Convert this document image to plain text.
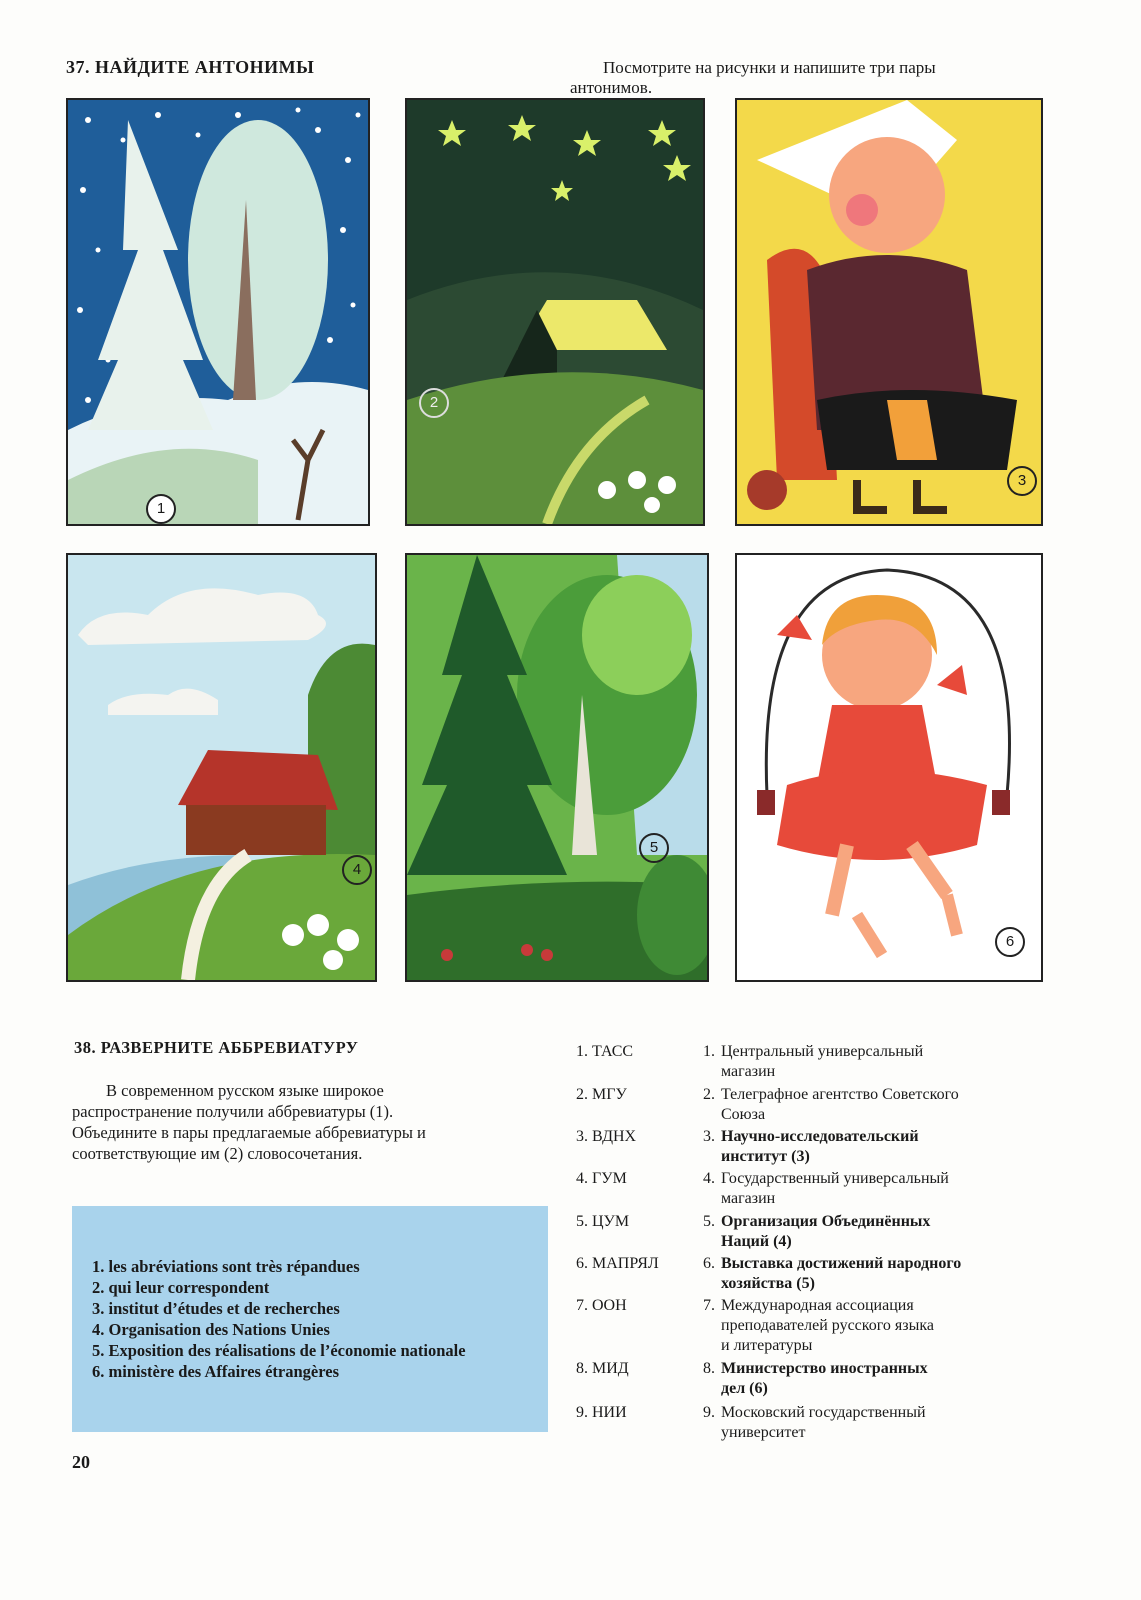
37. НАЙДИТЕ АНТОНИМЫ	Посмотрите на рисунки и напишите три пары
антонимов.
1
2
3
4
5
6
38. РАЗВЕРНИТЕ АББРЕВИАТУРУ
В современном русском языке широкое
распространение получили аббревиатуры (1).
Объедините в пары предлагаемые аббревиатуры и
соответствующие им (2) словосочетания.
1. les abréviations sont très répandues
2. qui leur correspondent
3. institut d’études et de recherches
4. Organisation des Nations Unies
5. Exposition des réalisations de l’économie nationale
6. ministère des Affaires étrangères
1. ТАСС
2. МГУ
3. ВДНХ
4. ГУМ
5. ЦУМ
6. МАПРЯЛ
7. ООН
8. МИД
9. НИИ
1. Центральный универсальный
магазин
2. Телеграфное агентство Советского
Союза
3. Научно-исследовательский
институт (3)
4. Государственный универсальный
магазин
5. Организация Объединённых
Наций (4)
6. Выставка достижений народного
хозяйства (5)
7. Международная ассоциация
преподавателей русского языка
и литературы
8. Министерство иностранных
дел (6)
9. Московский государственный
университет
20
